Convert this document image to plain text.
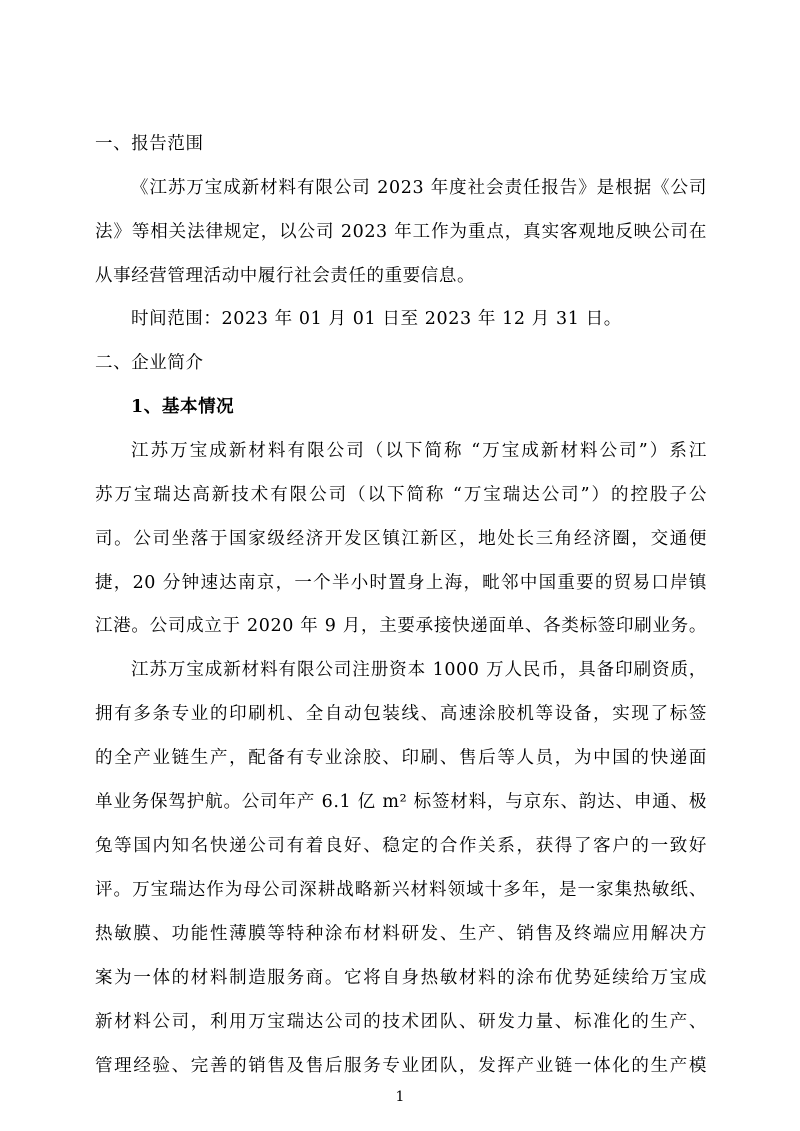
一、报告范围
《江苏万宝成新材料有限公司 2023 年度社会责任报告》是根据《公司
法》等相关法律规定，以公司 2023 年工作为重点，真实客观地反映公司在
从事经营管理活动中履行社会责任的重要信息。
时间范围：2023 年 01 月 01 日至 2023 年 12 月 31 日。
二、企业简介
1、基本情况
江苏万宝成新材料有限公司（以下简称 “万宝成新材料公司”）系江
苏万宝瑞达高新技术有限公司（以下简称 “万宝瑞达公司”）的控股子公
司。公司坐落于国家级经济开发区镇江新区，地处长三角经济圈，交通便
捷，20 分钟速达南京，一个半小时置身上海，毗邻中国重要的贸易口岸镇
江港。公司成立于 2020 年 9 月，主要承接快递面单、各类标签印刷业务。
江苏万宝成新材料有限公司注册资本 1000 万人民币，具备印刷资质，
拥有多条专业的印刷机、全自动包装线、高速涂胶机等设备，实现了标签
的全产业链生产，配备有专业涂胶、印刷、售后等人员，为中国的快递面
单业务保驾护航。公司年产 6.1 亿 m² 标签材料，与京东、韵达、申通、极
兔等国内知名快递公司有着良好、稳定的合作关系，获得了客户的一致好
评。万宝瑞达作为母公司深耕战略新兴材料领域十多年，是一家集热敏纸、
热敏膜、功能性薄膜等特种涂布材料研发、生产、销售及终端应用解决方
案为一体的材料制造服务商。它将自身热敏材料的涂布优势延续给万宝成
新材料公司，利用万宝瑞达公司的技术团队、研发力量、标准化的生产、
管理经验、完善的销售及售后服务专业团队，发挥产业链一体化的生产模
1
